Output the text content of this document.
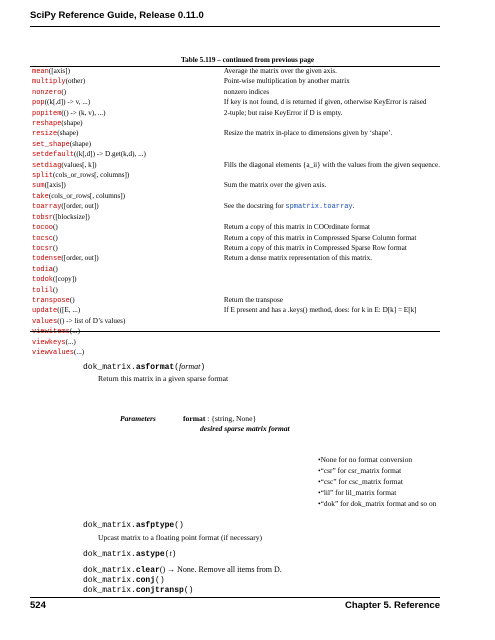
SciPy Reference Guide, Release 0.11.0
Table 5.119 – continued from previous page
mean([axis])	Average the matrix over the given axis.
multiply(other)	Point-wise multiplication by another matrix
nonzero()	nonzero indices
pop((k[,d]) -> v, ...)	If key is not found, d is returned if given, otherwise KeyError is raised
popitem(() -> (k, v), ...)	2-tuple; but raise KeyError if D is empty.
reshape(shape)	
resize(shape)	Resize the matrix in-place to dimensions given by ‘shape’.
set_shape(shape)	
setdefault((k[,d]) -> D.get(k,d), ...)	
setdiag(values[, k])	Fills the diagonal elements {a_ii} with the values from the given sequence.
split(cols_or_rows[, columns])	
sum([axis])	Sum the matrix over the given axis.
take(cols_or_rows[, columns])	
toarray([order, out])	See the docstring for spmatrix.toarray.
tobsr([blocksize])	
tocoo()	Return a copy of this matrix in COOrdinate format
tocsc()	Return a copy of this matrix in Compressed Sparse Column format
tocsr()	Return a copy of this matrix in Compressed Sparse Row format
todense([order, out])	Return a dense matrix representation of this matrix.
todia()	
todok([copy])	
tolil()	
transpose()	Return the transpose
update(([E, ...)	If E present and has a .keys() method, does: for k in E: D[k] = E[k]
values(() -> list of D’s values)	
viewitems(...)	
viewkeys(...)	
viewvalues(...)	
dok_matrix.asformat(format)
Return this matrix in a given sparse format
Parameters	format : {string, None}
desired sparse matrix format
•None for no format conversion
•“csr” for csr_matrix format
•“csc” for csc_matrix format
•“lil” for lil_matrix format
•“dok” for dok_matrix format and so on
dok_matrix.asfptype()
Upcast matrix to a floating point format (if necessary)
dok_matrix.astype(t)
dok_matrix.clear() → None. Remove all items from D.
524	Chapter 5. Reference
dok_matrix.conj()
dok_matrix.conjtransp()
